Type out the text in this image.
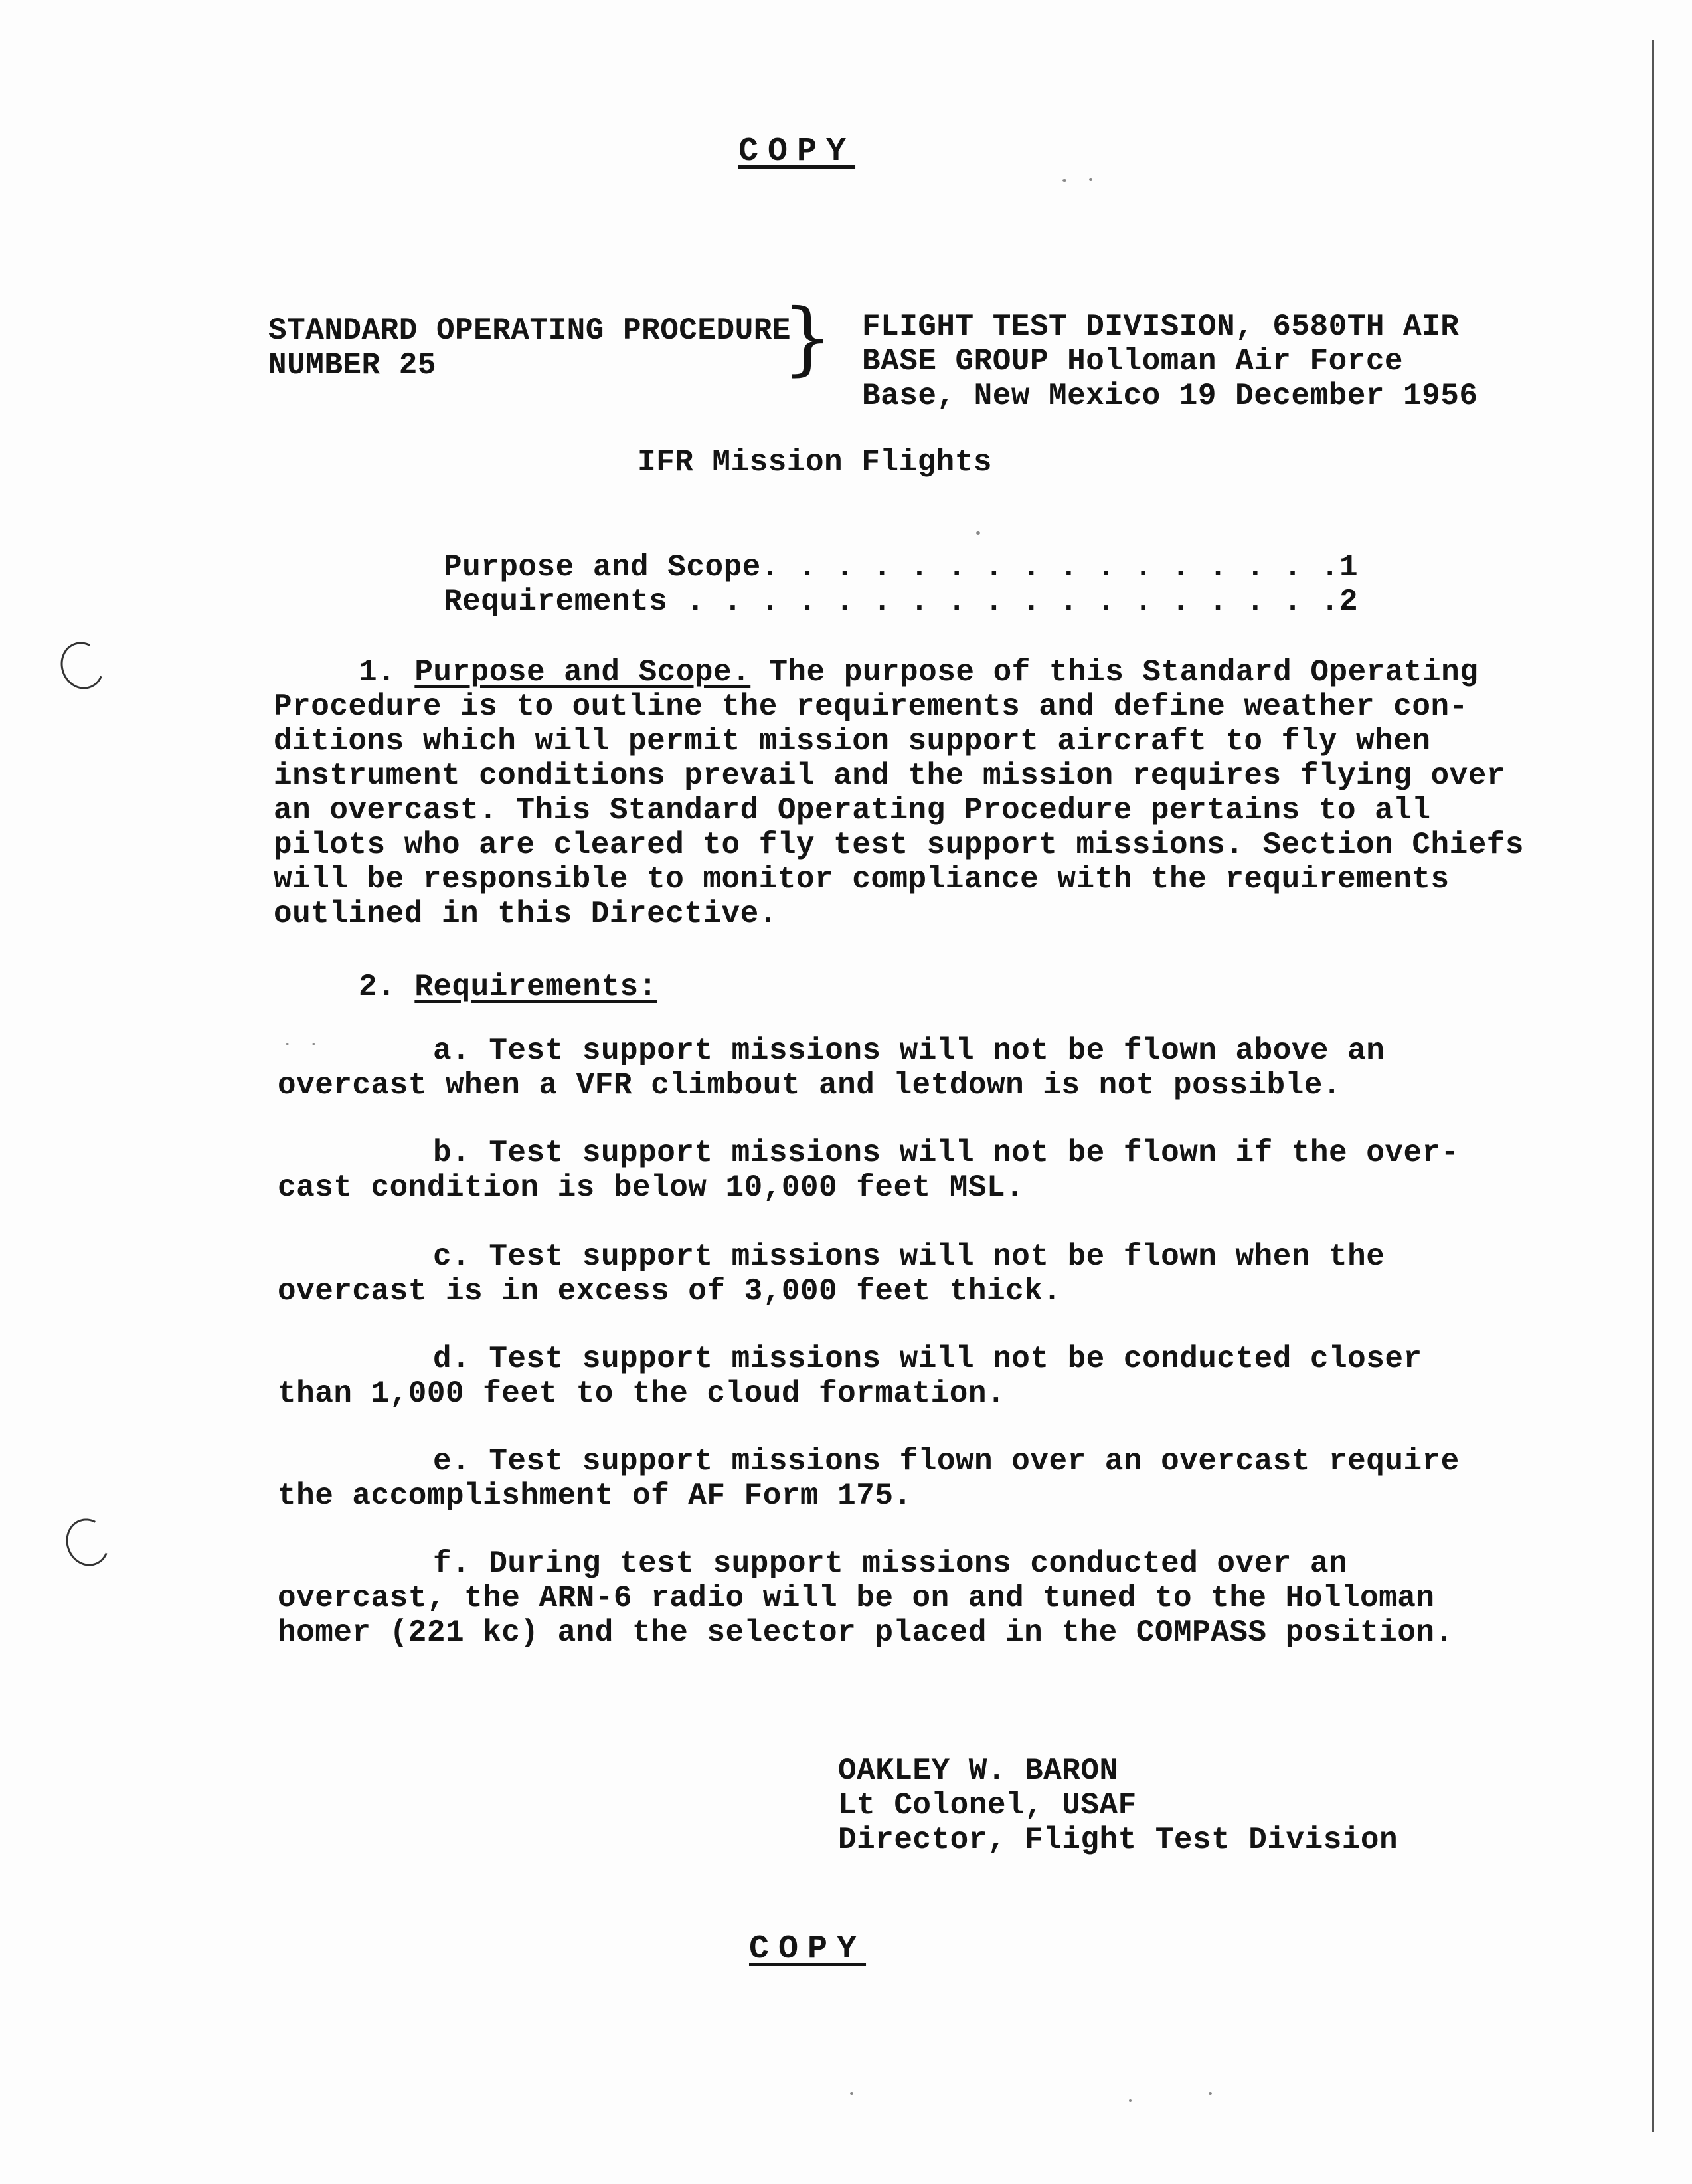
COPY
STANDARD OPERATING PROCEDURE
NUMBER 25	} FLIGHT TEST DIVISION, 6580TH AIR
BASE GROUP Holloman Air Force
Base, New Mexico 19 December 1956
IFR Mission Flights
Purpose and Scope. . . . . . . . . . . . . . . .1
Requirements . . . . . . . . . . . . . . . . . .2
1. Purpose and Scope. The purpose of this Standard Operating
Procedure is to outline the requirements and define weather con-
ditions which will permit mission support aircraft to fly when
instrument conditions prevail and the mission requires flying over
an overcast. This Standard Operating Procedure pertains to all
pilots who are cleared to fly test support missions. Section Chiefs
will be responsible to monitor compliance with the requirements
outlined in this Directive.
2. Requirements:
a. Test support missions will not be flown above an
overcast when a VFR climbout and letdown is not possible.
b. Test support missions will not be flown if the over-
cast condition is below 10,000 feet MSL.
c. Test support missions will not be flown when the
overcast is in excess of 3,000 feet thick.
d. Test support missions will not be conducted closer
than 1,000 feet to the cloud formation.
e. Test support missions flown over an overcast require
the accomplishment of AF Form 175.
f. During test support missions conducted over an
overcast, the ARN-6 radio will be on and tuned to the Holloman
homer (221 kc) and the selector placed in the COMPASS position.
OAKLEY W. BARON
Lt Colonel, USAF
Director, Flight Test Division
COPY
